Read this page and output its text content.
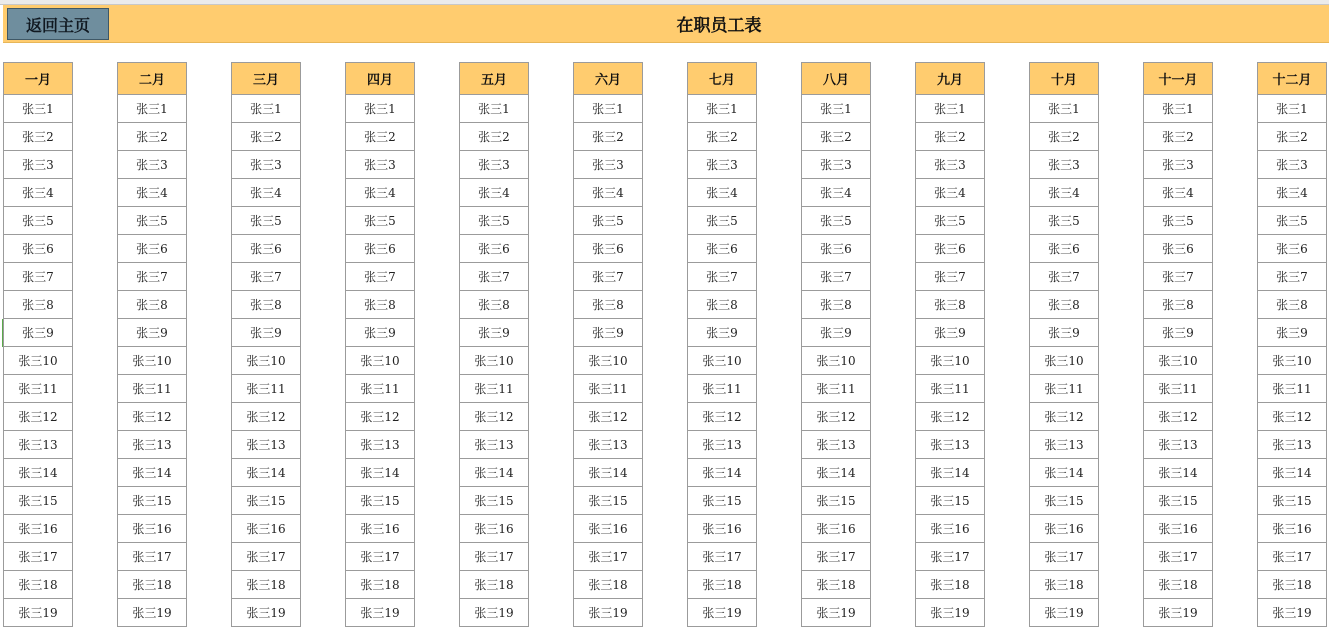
返回主页	在职员工表
一月
张三1
张三2
张三3
张三4
张三5
张三6
张三7
张三8
张三9
张三10
张三11
张三12
张三13
张三14
张三15
张三16
张三17
张三18
张三19
二月
张三1
张三2
张三3
张三4
张三5
张三6
张三7
张三8
张三9
张三10
张三11
张三12
张三13
张三14
张三15
张三16
张三17
张三18
张三19
三月
张三1
张三2
张三3
张三4
张三5
张三6
张三7
张三8
张三9
张三10
张三11
张三12
张三13
张三14
张三15
张三16
张三17
张三18
张三19
四月
张三1
张三2
张三3
张三4
张三5
张三6
张三7
张三8
张三9
张三10
张三11
张三12
张三13
张三14
张三15
张三16
张三17
张三18
张三19
五月
张三1
张三2
张三3
张三4
张三5
张三6
张三7
张三8
张三9
张三10
张三11
张三12
张三13
张三14
张三15
张三16
张三17
张三18
张三19
六月
张三1
张三2
张三3
张三4
张三5
张三6
张三7
张三8
张三9
张三10
张三11
张三12
张三13
张三14
张三15
张三16
张三17
张三18
张三19
七月
张三1
张三2
张三3
张三4
张三5
张三6
张三7
张三8
张三9
张三10
张三11
张三12
张三13
张三14
张三15
张三16
张三17
张三18
张三19
八月
张三1
张三2
张三3
张三4
张三5
张三6
张三7
张三8
张三9
张三10
张三11
张三12
张三13
张三14
张三15
张三16
张三17
张三18
张三19
九月
张三1
张三2
张三3
张三4
张三5
张三6
张三7
张三8
张三9
张三10
张三11
张三12
张三13
张三14
张三15
张三16
张三17
张三18
张三19
十月
张三1
张三2
张三3
张三4
张三5
张三6
张三7
张三8
张三9
张三10
张三11
张三12
张三13
张三14
张三15
张三16
张三17
张三18
张三19
十一月
张三1
张三2
张三3
张三4
张三5
张三6
张三7
张三8
张三9
张三10
张三11
张三12
张三13
张三14
张三15
张三16
张三17
张三18
张三19
十二月
张三1
张三2
张三3
张三4
张三5
张三6
张三7
张三8
张三9
张三10
张三11
张三12
张三13
张三14
张三15
张三16
张三17
张三18
张三19
